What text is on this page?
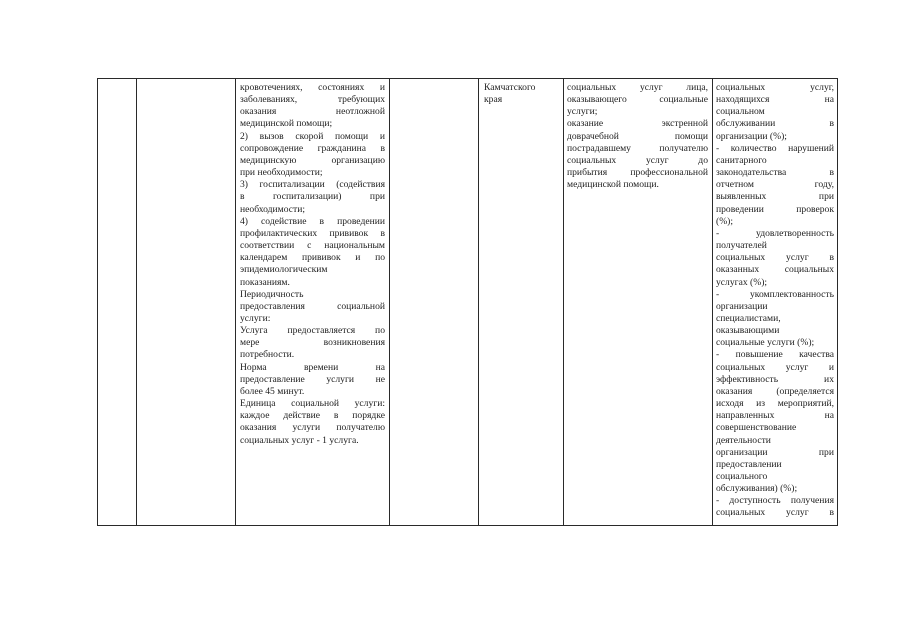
кровотечениях, состояниях и

заболеваниях, требующих

оказания неотложной

медицинской помощи;

2) вызов скорой помощи и

сопровождение гражданина в

медицинскую организацию

при необходимости;

3) госпитализации (содействия

в госпитализации) при

необходимости;

4) содействие в проведении

профилактических прививок в

соответствии с национальным

календарем прививок и по

эпидемиологическим

показаниям.

Периодичность

предоставления социальной

услуги:

Услуга предоставляется по

мере возникновения

потребности.

Норма времени на

предоставление услуги не

более 45 минут.

Единица социальной услуги:

каждое действие в порядке

оказания услуги получателю

социальных услуг - 1 услуга.

Камчатского

края

социальных услуг лица,

оказывающего социальные

услуги;

оказание экстренной

доврачебной помощи

пострадавшему получателю

социальных услуг до

прибытия профессиональной

медицинской помощи.

социальных услуг,

находящихся на

социальном

обслуживании в

организации (%);

- количество нарушений

санитарного

законодательства в

отчетном году,

выявленных при

проведении проверок

(%);

- удовлетворенность

получателей

социальных услуг в

оказанных социальных

услугах (%);

- укомплектованность

организации

специалистами,

оказывающими

социальные услуги (%);

- повышение качества

социальных услуг и

эффективность их

оказания (определяется

исходя из мероприятий,

направленных на

совершенствование

деятельности

организации при

предоставлении

социального

обслуживания) (%);

- доступность получения

социальных услуг в
